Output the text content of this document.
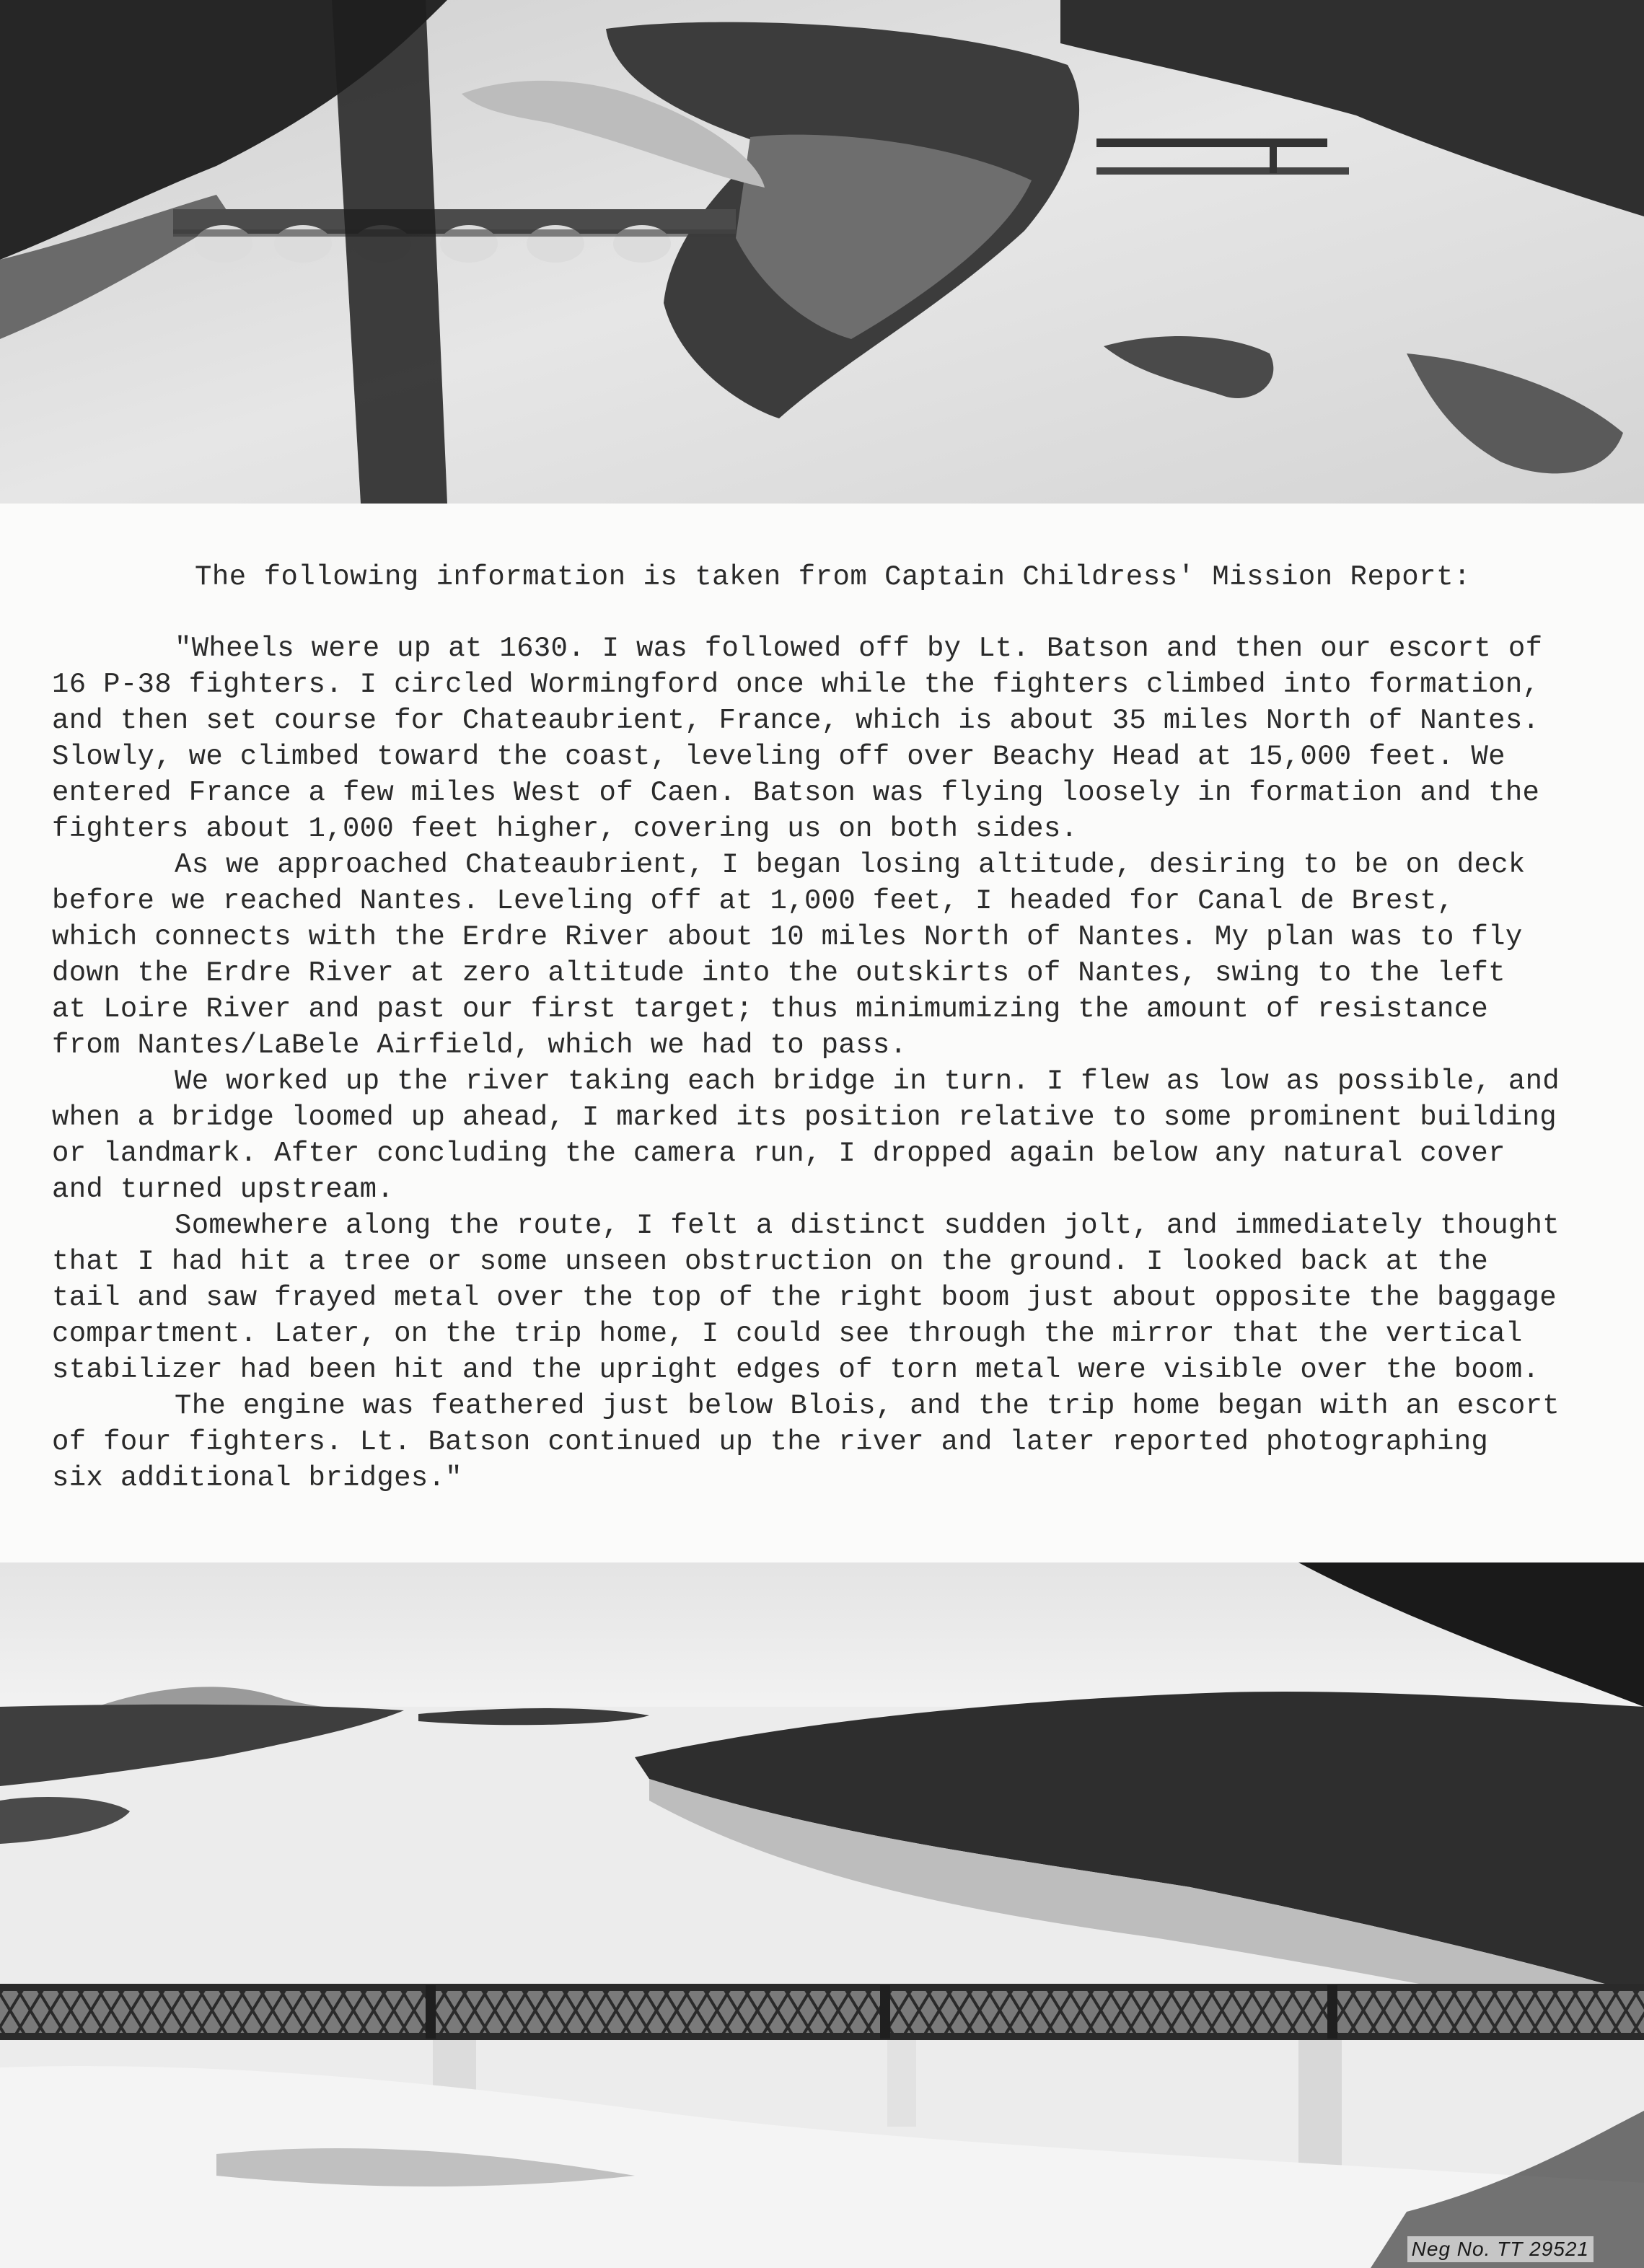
The following information is taken from Captain Childress' Mission Report:

"Wheels were up at 1630. I was followed off by Lt. Batson and then our escort of
16 P-38 fighters. I circled Wormingford once while the fighters climbed into formation,
and then set course for Chateaubrient, France, which is about 35 miles North of Nantes.
Slowly, we climbed toward the coast, leveling off over Beachy Head at 15,000 feet. We
entered France a few miles West of Caen. Batson was flying loosely in formation and the
fighters about 1,000 feet higher, covering us on both sides.

As we approached Chateaubrient, I began losing altitude, desiring to be on deck
before we reached Nantes. Leveling off at 1,000 feet, I headed for Canal de Brest,
which connects with the Erdre River about 10 miles North of Nantes. My plan was to fly
down the Erdre River at zero altitude into the outskirts of Nantes, swing to the left
at Loire River and past our first target; thus minimumizing the amount of resistance
from Nantes/LaBele Airfield, which we had to pass.

We worked up the river taking each bridge in turn. I flew as low as possible, and
when a bridge loomed up ahead, I marked its position relative to some prominent building
or landmark. After concluding the camera run, I dropped again below any natural cover
and turned upstream.

Somewhere along the route, I felt a distinct sudden jolt, and immediately thought
that I had hit a tree or some unseen obstruction on the ground. I looked back at the
tail and saw frayed metal over the top of the right boom just about opposite the baggage
compartment. Later, on the trip home, I could see through the mirror that the vertical
stabilizer had been hit and the upright edges of torn metal were visible over the boom.

The engine was feathered just below Blois, and the trip home began with an escort
of four fighters. Lt. Batson continued up the river and later reported photographing
six additional bridges."

Neg No. TT 29521
